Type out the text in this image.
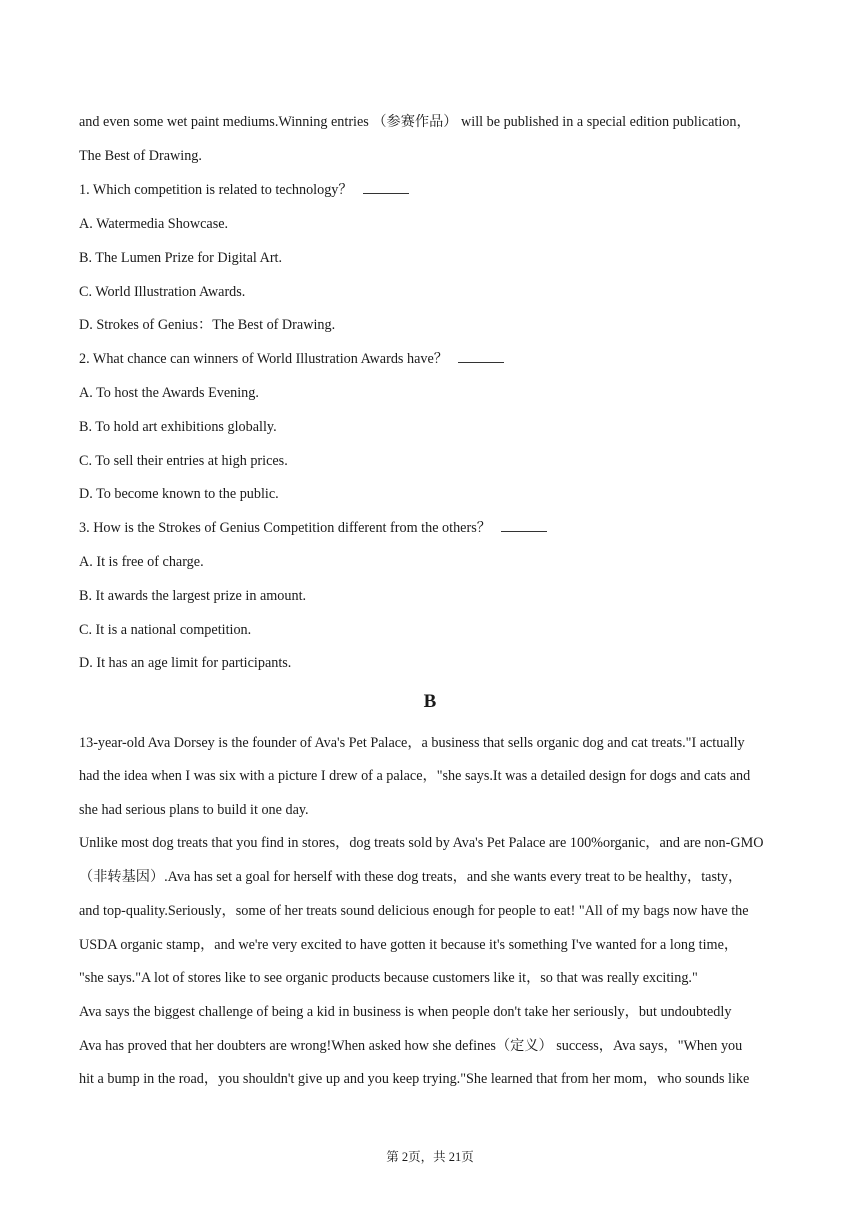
and even some wet paint mediums.Winning entries （参赛作品） will be published in a special edition publication，

The Best of Drawing.

1. Which competition is related to technology？

A. Watermedia Showcase.

B. The Lumen Prize for Digital Art.

C. World Illustration Awards.

D. Strokes of Genius：The Best of Drawing.

2. What chance can winners of World Illustration Awards have？

A. To host the Awards Evening.

B. To hold art exhibitions globally.

C. To sell their entries at high prices.

D. To become known to the public.

3. How is the Strokes of Genius Competition different from the others？

A. It is free of charge.

B. It awards the largest prize in amount.

C. It is a national competition.

D. It has an age limit for participants.

B

13-year-old Ava Dorsey is the founder of Ava's Pet Palace，a business that sells organic dog and cat treats."I actually

had the idea when I was six with a picture I drew of a palace，"she says.It was a detailed design for dogs and cats and

she had serious plans to build it one day.

Unlike most dog treats that you find in stores，dog treats sold by Ava's Pet Palace are 100%organic，and are non-GMO

（非转基因）.Ava has set a goal for herself with these dog treats，and she wants every treat to be healthy，tasty，

and top-quality.Seriously，some of her treats sound delicious enough for people to eat! "All of my bags now have the

USDA organic stamp，and we're very excited to have gotten it because it's something I've wanted for a long time，

"she says."A lot of stores like to see organic products because customers like it，so that was really exciting."

Ava says the biggest challenge of being a kid in business is when people don't take her seriously，but undoubtedly

Ava has proved that her doubters are wrong!When asked how she defines（定义） success，Ava says，"When you

hit a bump in the road，you shouldn't give up and you keep trying."She learned that from her mom，who sounds like

第 2页，共 21页
